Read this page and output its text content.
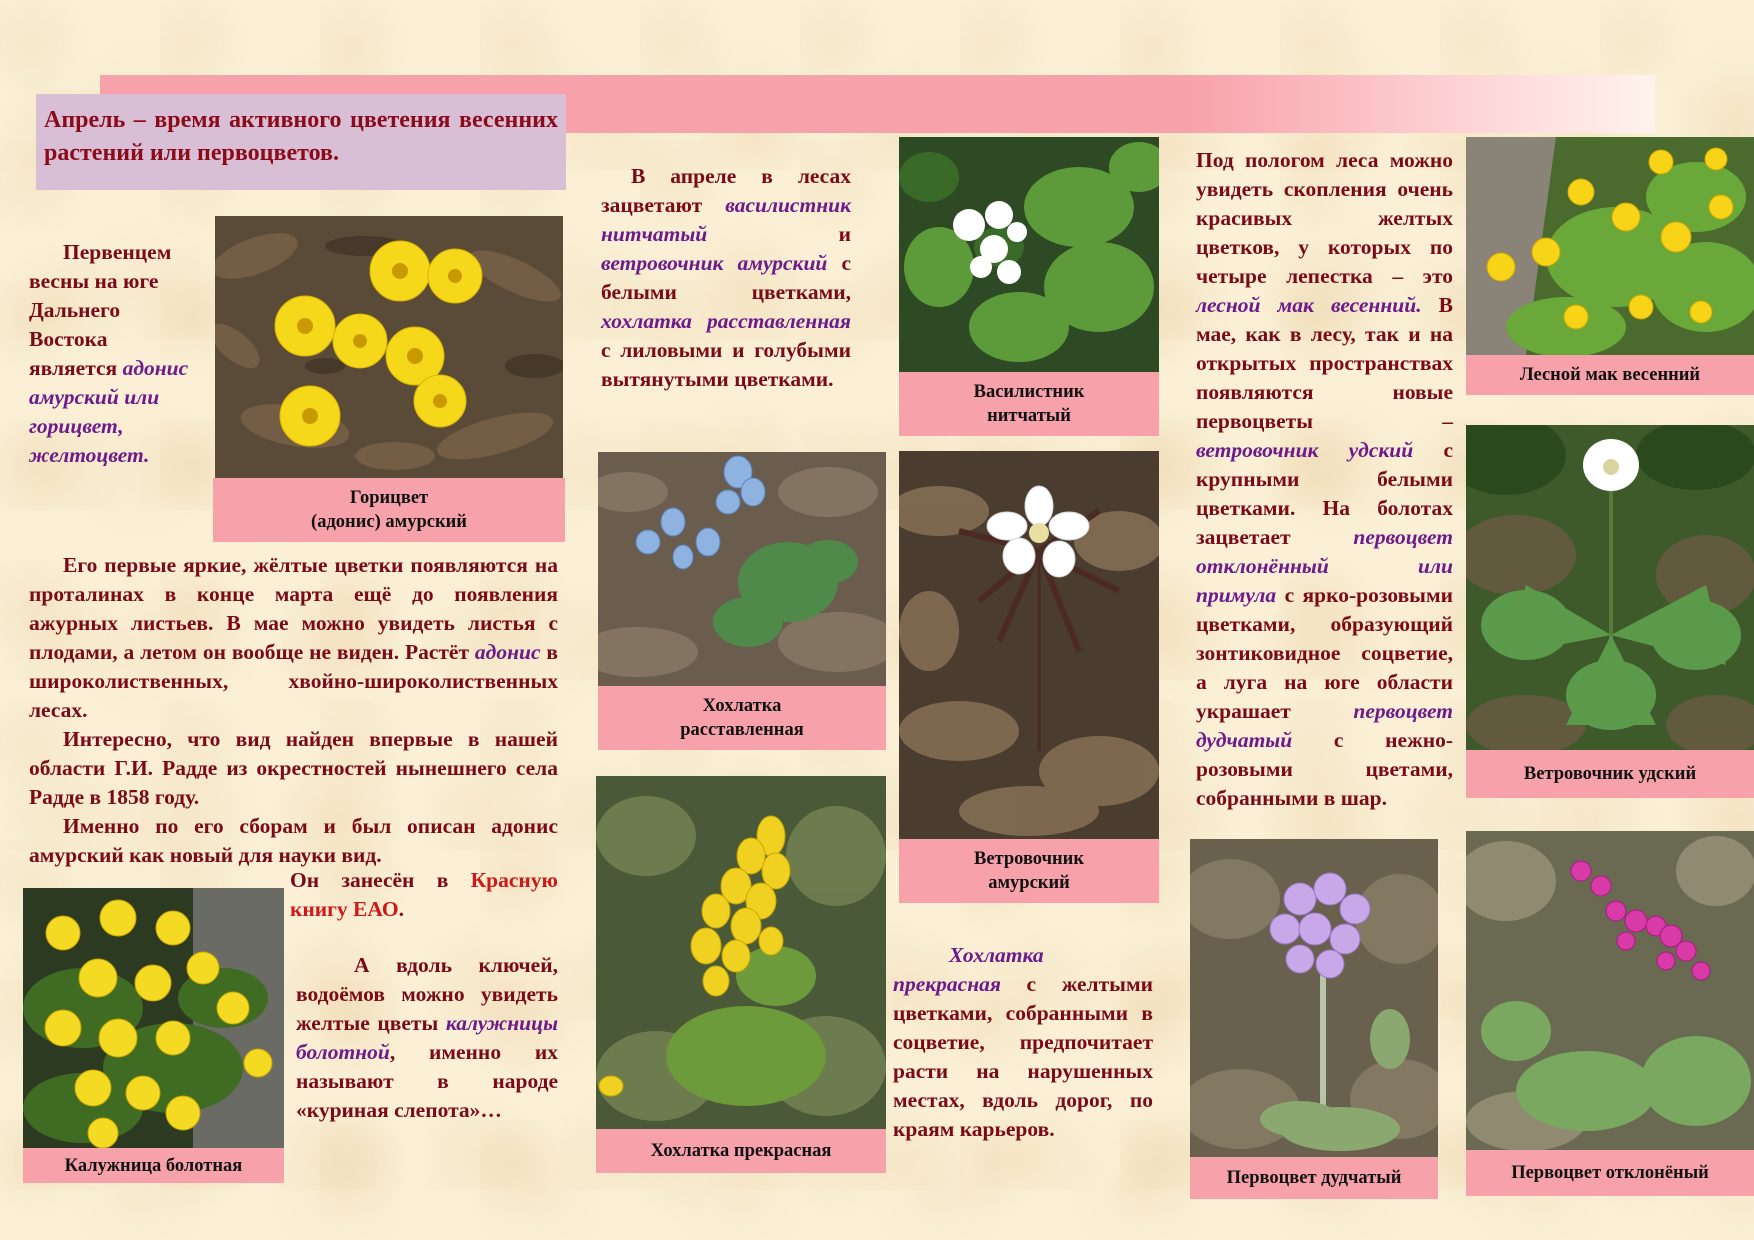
Апрель – время активного цветения весенних растений или первоцветов.
Первенцем весны на юге Дальнего Востока является адонис амурский или горицвет, желтоцвет.
Горицвет
(адонис) амурский
Его первые яркие, жёлтые цветки появляются на проталинах в конце марта ещё до появления ажурных листьев. В мае можно увидеть листья с плодами, а летом он вообще не виден. Растёт адонис в широколиственных, хвойно-широколиственных лесах.
Интересно, что вид найден впервые в нашей области Г.И. Радде из окрестностей нынешнего села Радде в 1858 году.
Именно по его сборам и был описан адонис амурский как новый для науки вид.
Он занесён в Красную книгу ЕАО.
А вдоль ключей, водоёмов можно увидеть желтые цветы калужницы болотной, именно их называют в народе «куриная слепота»…
Калужница болотная
В апреле в лесах зацветают василистник нитчатый и ветровочник амурский с белыми цветками, хохлатка расставленная с лиловыми и голубыми вытянутыми цветками.
Хохлатка
расставленная
Хохлатка прекрасная
Василистник
нитчатый
Ветровочник
амурский
Хохлатка прекрасная с желтыми цветками, собранными в соцветие, предпочитает расти на нарушенных местах, вдоль дорог, по краям карьеров.
Под пологом леса можно увидеть скопления очень красивых желтых цветков, у которых по четыре лепестка – это лесной мак весенний. В мае, как в лесу, так и на открытых пространствах появляются новые первоцветы – ветровочник удский с крупными белыми цветками. На болотах зацветает первоцвет отклонённый или примула с ярко-розовыми цветками, образующий зонтиковидное соцветие, а луга на юге области украшает первоцвет дудчатый с нежно-розовыми цветами, собранными в шар.
Первоцвет дудчатый
Лесной мак весенний
Ветровочник удский
Первоцвет отклонёный
